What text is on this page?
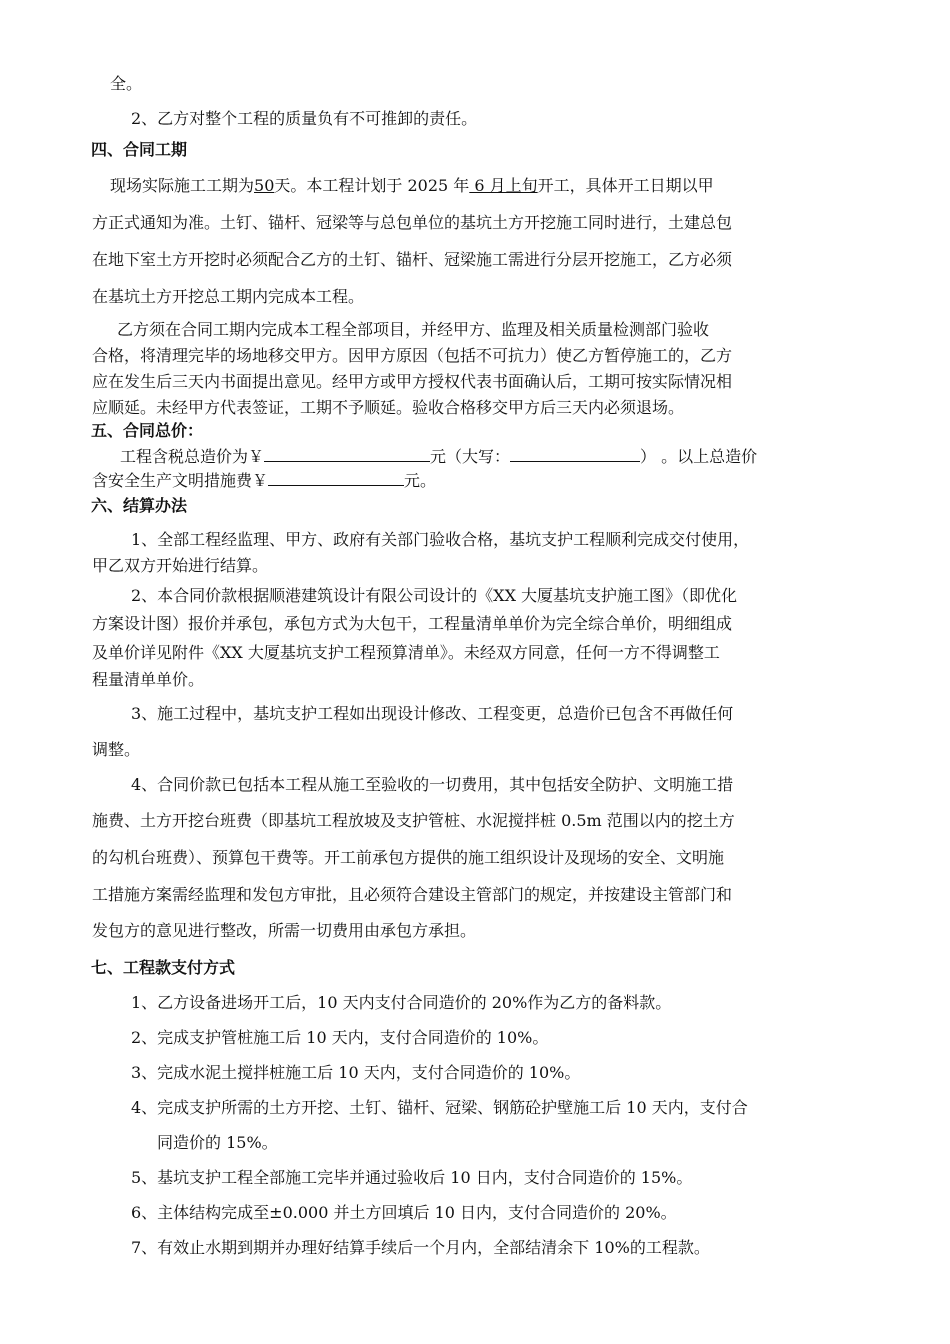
全。
2、乙方对整个工程的质量负有不可推卸的责任。
四、合同工期
现场实际施工工期为50天。本工程计划于 2025 年 6 月上旬开工，具体开工日期以甲
方正式通知为准。土钉、锚杆、冠梁等与总包单位的基坑土方开挖施工同时进行，土建总包
在地下室土方开挖时必须配合乙方的土钉、锚杆、冠梁施工需进行分层开挖施工，乙方必须
在基坑土方开挖总工期内完成本工程。
乙方须在合同工期内完成本工程全部项目，并经甲方、监理及相关质量检测部门验收
合格，将清理完毕的场地移交甲方。因甲方原因（包括不可抗力）使乙方暂停施工的，乙方
应在发生后三天内书面提出意见。经甲方或甲方授权代表书面确认后，工期可按实际情况相
应顺延。未经甲方代表签证，工期不予顺延。验收合格移交甲方后三天内必须退场。
五、合同总价：
工程含税总造价为￥	元（大写：	） 。以上总造价
含安全生产文明措施费￥	元。
六、结算办法
1、全部工程经监理、甲方、政府有关部门验收合格，基坑支护工程顺利完成交付使用，
甲乙双方开始进行结算。
2、本合同价款根据顺港建筑设计有限公司设计的《XX 大厦基坑支护施工图》（即优化
方案设计图）报价并承包，承包方式为大包干，工程量清单单价为完全综合单价，明细组成
及单价详见附件《XX 大厦基坑支护工程预算清单》。未经双方同意，任何一方不得调整工
程量清单单价。
3、施工过程中，基坑支护工程如出现设计修改、工程变更，总造价已包含不再做任何
调整。
4、合同价款已包括本工程从施工至验收的一切费用，其中包括安全防护、文明施工措
施费、土方开挖台班费（即基坑工程放坡及支护管桩、水泥搅拌桩 0.5m 范围以内的挖土方
的勾机台班费）、预算包干费等。开工前承包方提供的施工组织设计及现场的安全、文明施
工措施方案需经监理和发包方审批，且必须符合建设主管部门的规定，并按建设主管部门和
发包方的意见进行整改，所需一切费用由承包方承担。
七、工程款支付方式
1、乙方设备进场开工后，10 天内支付合同造价的 20%作为乙方的备料款。
2、完成支护管桩施工后 10 天内，支付合同造价的 10%。
3、完成水泥土搅拌桩施工后 10 天内，支付合同造价的 10%。
4、完成支护所需的土方开挖、土钉、锚杆、冠梁、钢筋砼护壁施工后 10 天内，支付合
同造价的 15%。
5、基坑支护工程全部施工完毕并通过验收后 10 日内，支付合同造价的 15%。
6、主体结构完成至±0.000 并土方回填后 10 日内，支付合同造价的 20%。
7、有效止水期到期并办理好结算手续后一个月内，全部结清余下 10%的工程款。
